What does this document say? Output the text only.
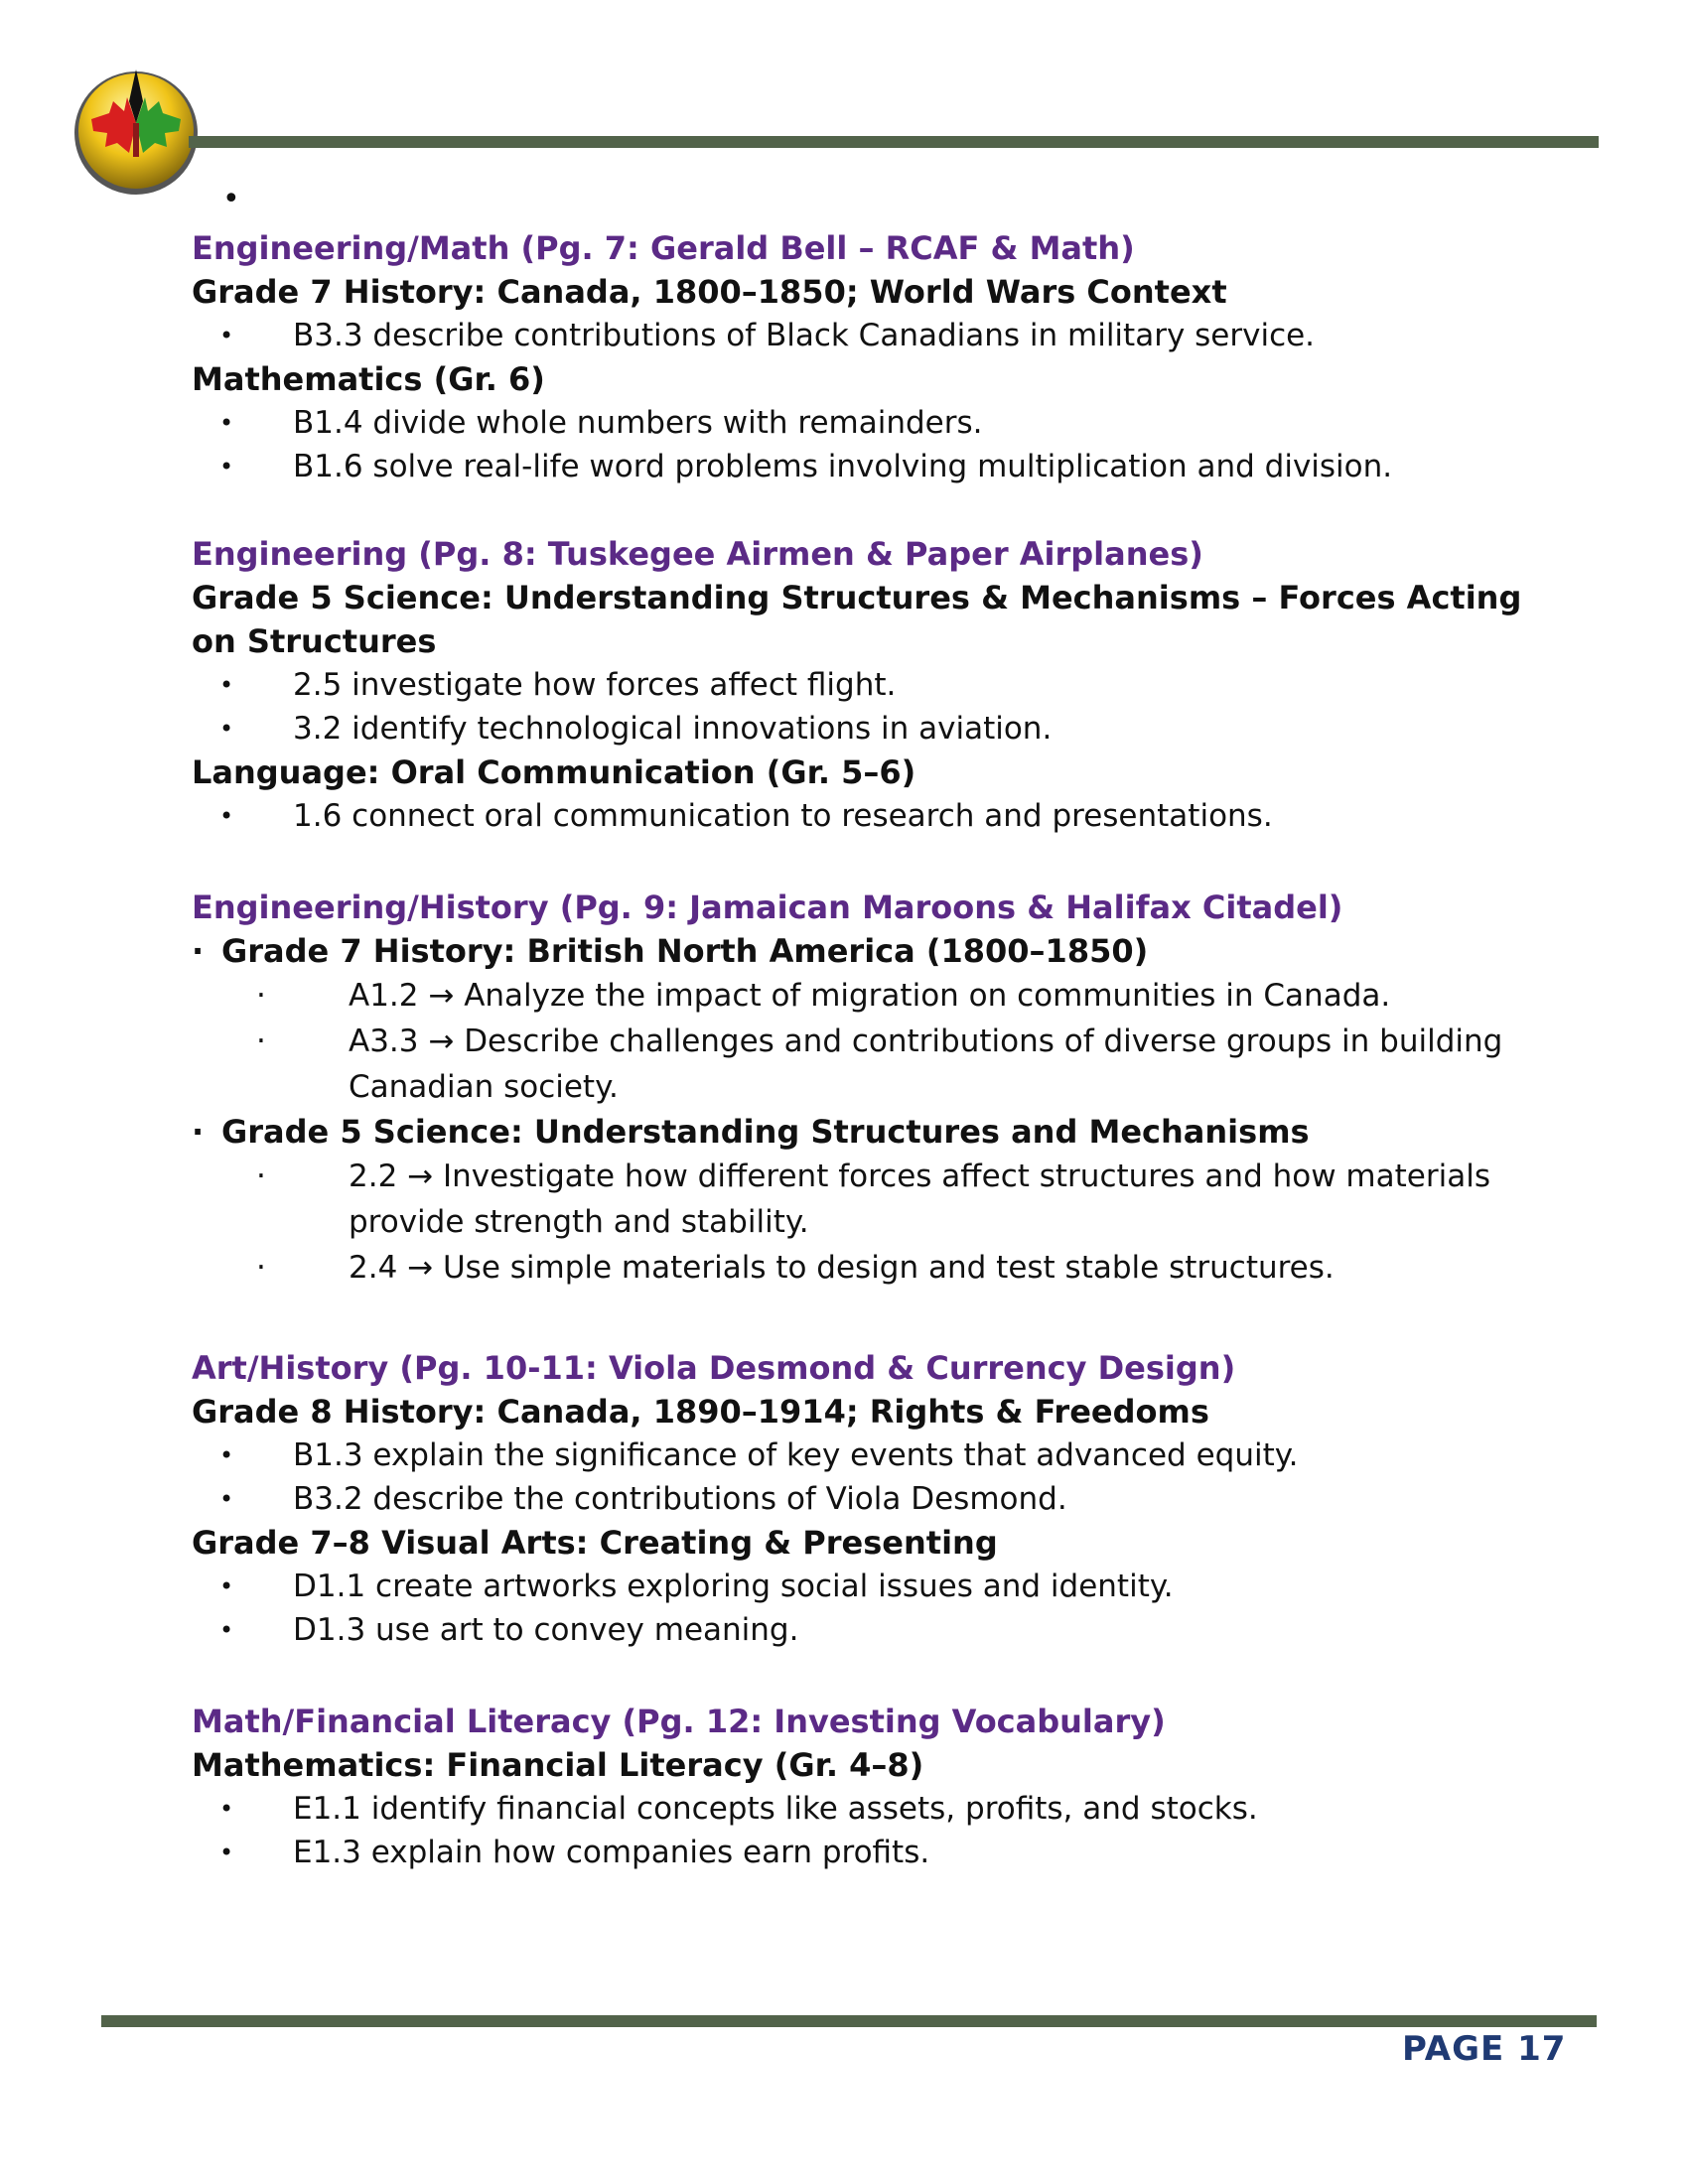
•
Engineering/Math (Pg. 7: Gerald Bell – RCAF & Math)
Grade 7 History: Canada, 1800–1850; World Wars Context
• B3.3 describe contributions of Black Canadians in military service.
Mathematics (Gr. 6)
• B1.4 divide whole numbers with remainders.
• B1.6 solve real-life word problems involving multiplication and division.
Engineering (Pg. 8: Tuskegee Airmen & Paper Airplanes)
Grade 5 Science: Understanding Structures & Mechanisms – Forces Acting on Structures
• 2.5 investigate how forces affect flight.
• 3.2 identify technological innovations in aviation.
Language: Oral Communication (Gr. 5–6)
• 1.6 connect oral communication to research and presentations.
Engineering/History (Pg. 9: Jamaican Maroons & Halifax Citadel)
· Grade 7 History: British North America (1800–1850)
· A1.2 → Analyze the impact of migration on communities in Canada.
· A3.3 → Describe challenges and contributions of diverse groups in building Canadian society.
· Grade 5 Science: Understanding Structures and Mechanisms
· 2.2 → Investigate how different forces affect structures and how materials provide strength and stability.
· 2.4 → Use simple materials to design and test stable structures.
Art/History (Pg. 10-11: Viola Desmond & Currency Design)
Grade 8 History: Canada, 1890–1914; Rights & Freedoms
• B1.3 explain the significance of key events that advanced equity.
• B3.2 describe the contributions of Viola Desmond.
Grade 7–8 Visual Arts: Creating & Presenting
• D1.1 create artworks exploring social issues and identity.
• D1.3 use art to convey meaning.
Math/Financial Literacy (Pg. 12: Investing Vocabulary)
Mathematics: Financial Literacy (Gr. 4–8)
• E1.1 identify financial concepts like assets, profits, and stocks.
• E1.3 explain how companies earn profits.
PAGE 17
